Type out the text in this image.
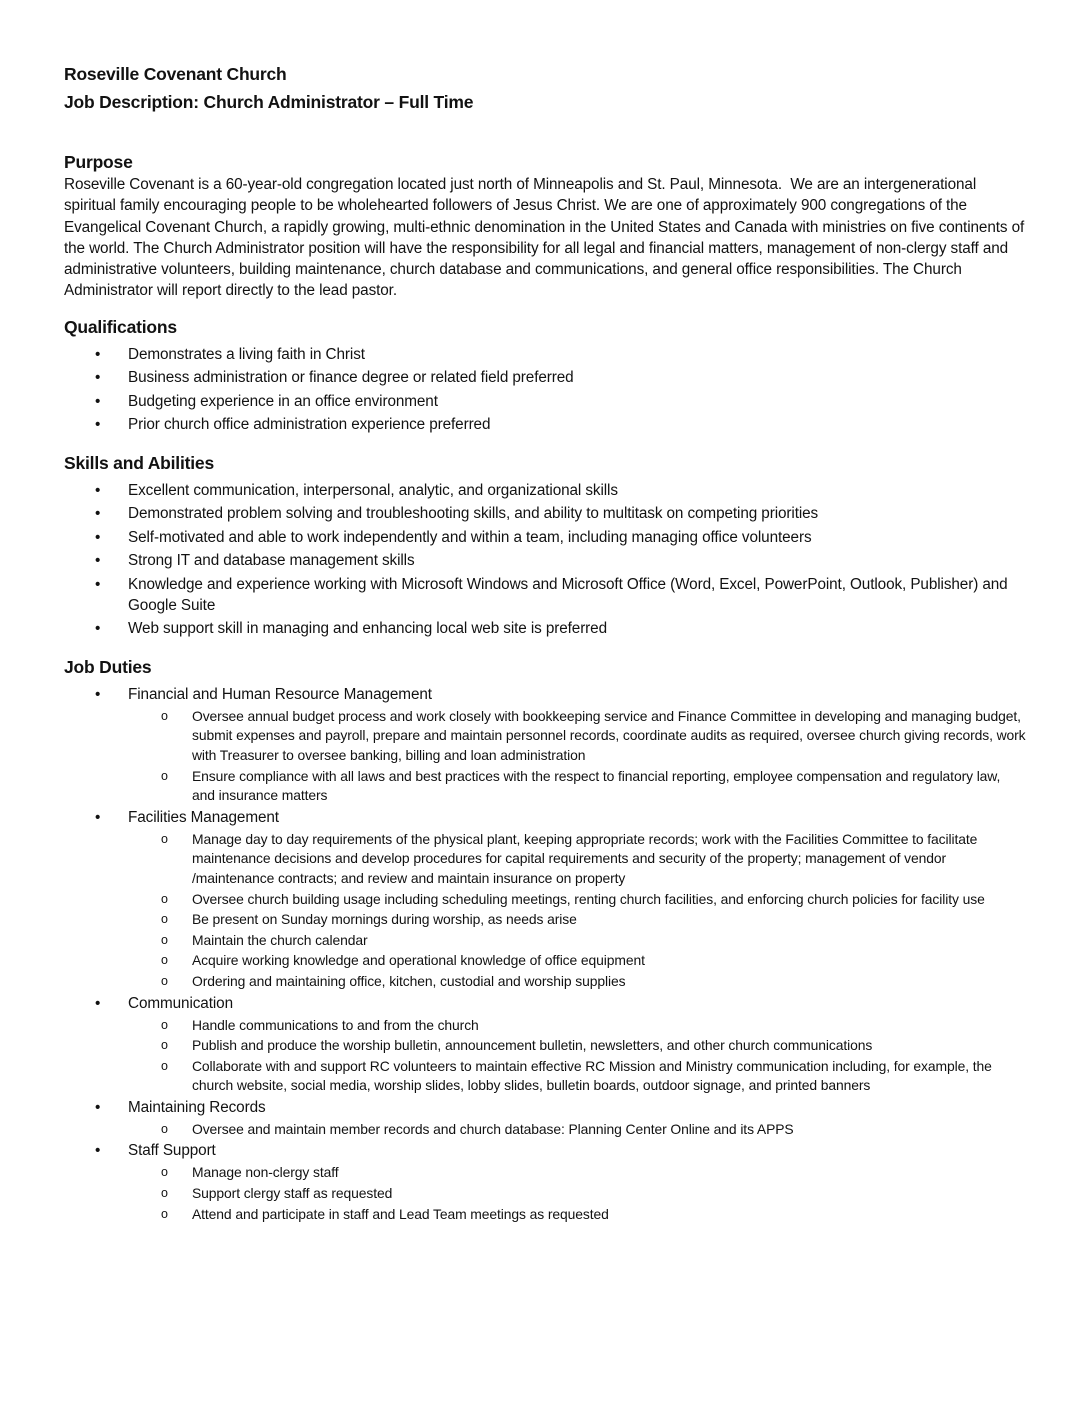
Roseville Covenant Church
Job Description: Church Administrator – Full Time
Purpose

Roseville Covenant is a 60-year-old congregation located just north of Minneapolis and St. Paul, Minnesota.  We are an intergenerational spiritual family encouraging people to be wholehearted followers of Jesus Christ. We are one of approximately 900 congregations of the Evangelical Covenant Church, a rapidly growing, multi-ethnic denomination in the United States and Canada with ministries on five continents of the world. The Church Administrator position will have the responsibility for all legal and financial matters, management of non-clergy staff and administrative volunteers, building maintenance, church database and communications, and general office responsibilities. The Church Administrator will report directly to the lead pastor.

Qualifications
• Demonstrates a living faith in Christ
• Business administration or finance degree or related field preferred
• Budgeting experience in an office environment
• Prior church office administration experience preferred
Skills and Abilities
• Excellent communication, interpersonal, analytic, and organizational skills
• Demonstrated problem solving and troubleshooting skills, and ability to multitask on competing priorities
• Self-motivated and able to work independently and within a team, including managing office volunteers
• Strong IT and database management skills
• Knowledge and experience working with Microsoft Windows and Microsoft Office (Word, Excel, PowerPoint, Outlook, Publisher) and Google Suite
• Web support skill in managing and enhancing local web site is preferred
Job Duties
• Financial and Human Resource Management
o Oversee annual budget process and work closely with bookkeeping service and Finance Committee in developing and managing budget, submit expenses and payroll, prepare and maintain personnel records, coordinate audits as required, oversee church giving records, work with Treasurer to oversee banking, billing and loan administration
o Ensure compliance with all laws and best practices with the respect to financial reporting, employee compensation and regulatory law, and insurance matters
• Facilities Management
o Manage day to day requirements of the physical plant, keeping appropriate records; work with the Facilities Committee to facilitate maintenance decisions and develop procedures for capital requirements and security of the property; management of vendor /maintenance contracts; and review and maintain insurance on property
o Oversee church building usage including scheduling meetings, renting church facilities, and enforcing church policies for facility use
o Be present on Sunday mornings during worship, as needs arise
o Maintain the church calendar
o Acquire working knowledge and operational knowledge of office equipment
o Ordering and maintaining office, kitchen, custodial and worship supplies
• Communication
o Handle communications to and from the church
o Publish and produce the worship bulletin, announcement bulletin, newsletters, and other church communications
o Collaborate with and support RC volunteers to maintain effective RC Mission and Ministry communication including, for example, the church website, social media, worship slides, lobby slides, bulletin boards, outdoor signage, and printed banners
• Maintaining Records
o Oversee and maintain member records and church database: Planning Center Online and its APPS
• Staff Support
o Manage non-clergy staff
o Support clergy staff as requested
o Attend and participate in staff and Lead Team meetings as requested
